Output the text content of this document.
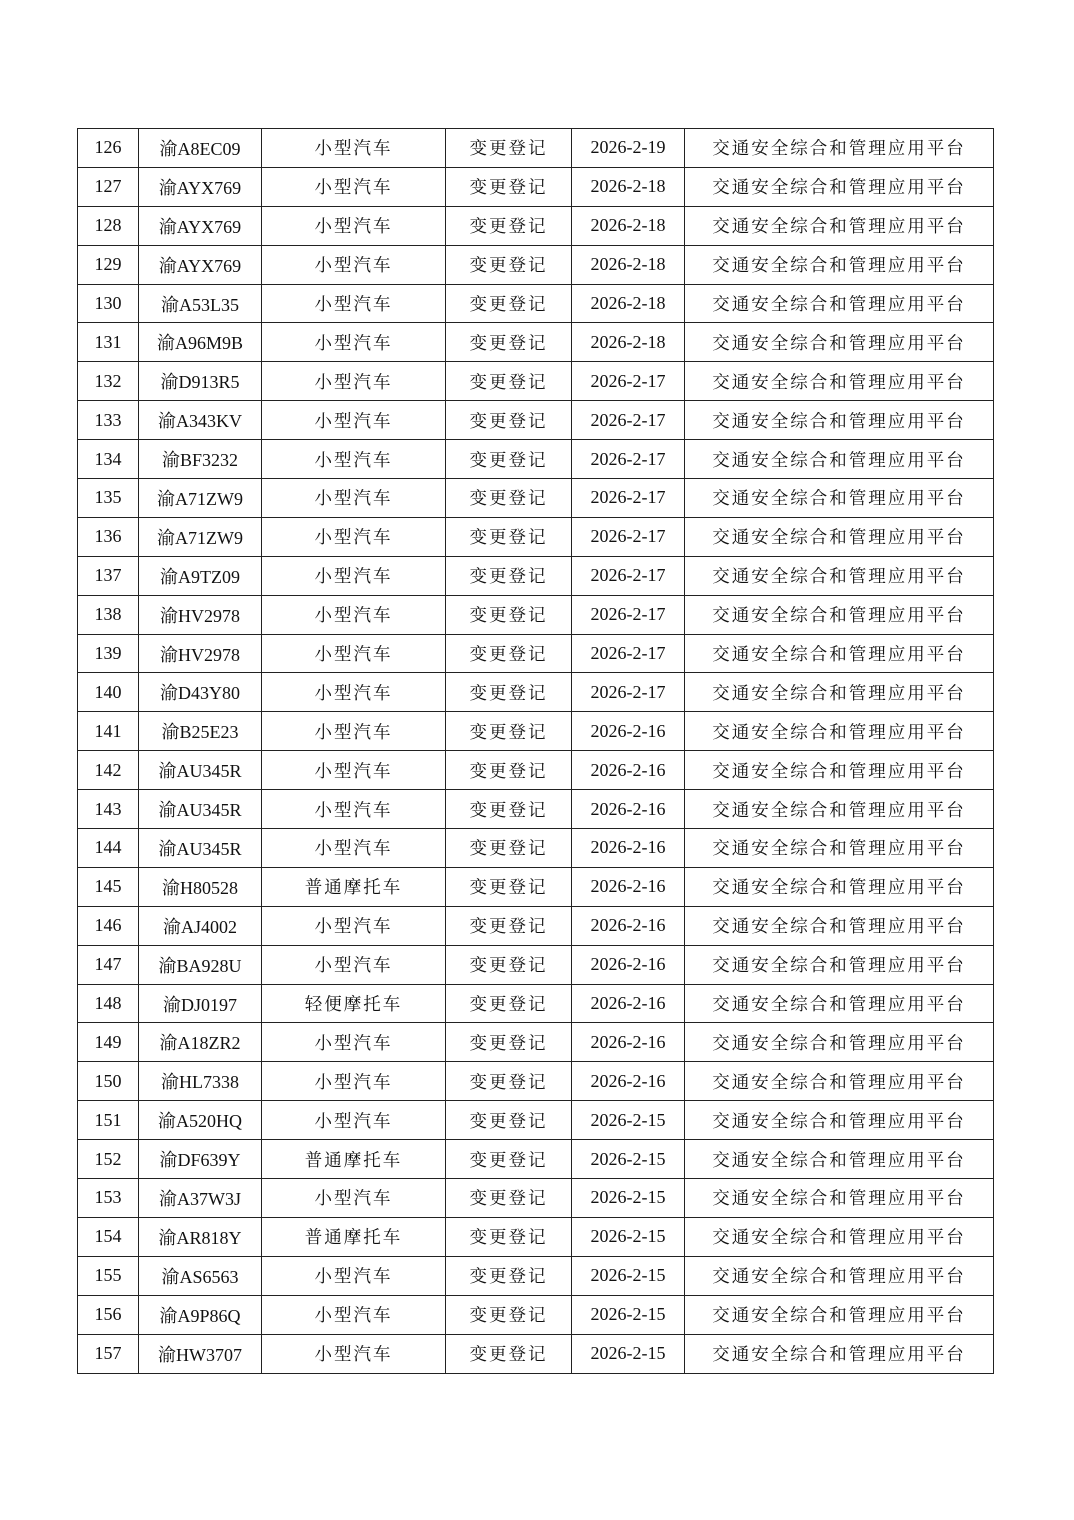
126	渝A8EC09	小型汽车	变更登记	2026-2-19	交通安全综合和管理应用平台
127	渝AYX769	小型汽车	变更登记	2026-2-18	交通安全综合和管理应用平台
128	渝AYX769	小型汽车	变更登记	2026-2-18	交通安全综合和管理应用平台
129	渝AYX769	小型汽车	变更登记	2026-2-18	交通安全综合和管理应用平台
130	渝A53L35	小型汽车	变更登记	2026-2-18	交通安全综合和管理应用平台
131	渝A96M9B	小型汽车	变更登记	2026-2-18	交通安全综合和管理应用平台
132	渝D913R5	小型汽车	变更登记	2026-2-17	交通安全综合和管理应用平台
133	渝A343KV	小型汽车	变更登记	2026-2-17	交通安全综合和管理应用平台
134	渝BF3232	小型汽车	变更登记	2026-2-17	交通安全综合和管理应用平台
135	渝A71ZW9	小型汽车	变更登记	2026-2-17	交通安全综合和管理应用平台
136	渝A71ZW9	小型汽车	变更登记	2026-2-17	交通安全综合和管理应用平台
137	渝A9TZ09	小型汽车	变更登记	2026-2-17	交通安全综合和管理应用平台
138	渝HV2978	小型汽车	变更登记	2026-2-17	交通安全综合和管理应用平台
139	渝HV2978	小型汽车	变更登记	2026-2-17	交通安全综合和管理应用平台
140	渝D43Y80	小型汽车	变更登记	2026-2-17	交通安全综合和管理应用平台
141	渝B25E23	小型汽车	变更登记	2026-2-16	交通安全综合和管理应用平台
142	渝AU345R	小型汽车	变更登记	2026-2-16	交通安全综合和管理应用平台
143	渝AU345R	小型汽车	变更登记	2026-2-16	交通安全综合和管理应用平台
144	渝AU345R	小型汽车	变更登记	2026-2-16	交通安全综合和管理应用平台
145	渝H80528	普通摩托车	变更登记	2026-2-16	交通安全综合和管理应用平台
146	渝AJ4002	小型汽车	变更登记	2026-2-16	交通安全综合和管理应用平台
147	渝BA928U	小型汽车	变更登记	2026-2-16	交通安全综合和管理应用平台
148	渝DJ0197	轻便摩托车	变更登记	2026-2-16	交通安全综合和管理应用平台
149	渝A18ZR2	小型汽车	变更登记	2026-2-16	交通安全综合和管理应用平台
150	渝HL7338	小型汽车	变更登记	2026-2-16	交通安全综合和管理应用平台
151	渝A520HQ	小型汽车	变更登记	2026-2-15	交通安全综合和管理应用平台
152	渝DF639Y	普通摩托车	变更登记	2026-2-15	交通安全综合和管理应用平台
153	渝A37W3J	小型汽车	变更登记	2026-2-15	交通安全综合和管理应用平台
154	渝AR818Y	普通摩托车	变更登记	2026-2-15	交通安全综合和管理应用平台
155	渝AS6563	小型汽车	变更登记	2026-2-15	交通安全综合和管理应用平台
156	渝A9P86Q	小型汽车	变更登记	2026-2-15	交通安全综合和管理应用平台
157	渝HW3707	小型汽车	变更登记	2026-2-15	交通安全综合和管理应用平台
